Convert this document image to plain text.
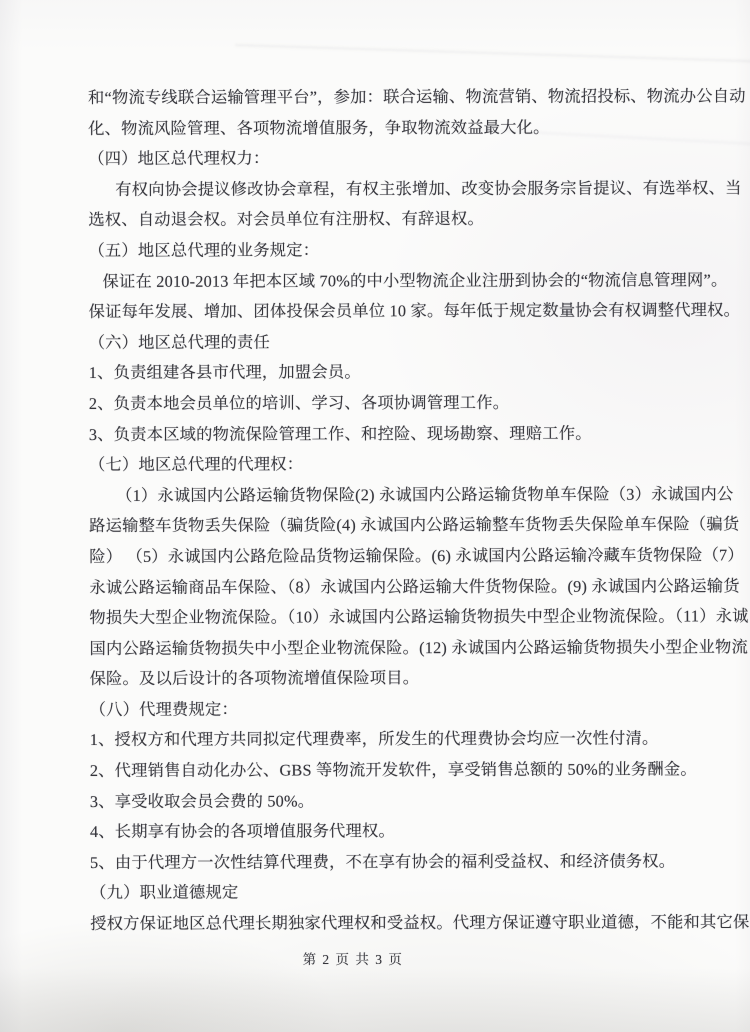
和“物流专线联合运输管理平台”，参加：联合运输、物流营销、物流招投标、物流办公自动
化、物流风险管理、各项物流增值服务，争取物流效益最大化。
（四）地区总代理权力：
有权向协会提议修改协会章程，有权主张增加、改变协会服务宗旨提议、有选举权、当
选权、自动退会权。对会员单位有注册权、有辞退权。
（五）地区总代理的业务规定：
保证在 2010-2013 年把本区域 70%的中小型物流企业注册到协会的“物流信息管理网”。
保证每年发展、增加、团体投保会员单位 10 家。每年低于规定数量协会有权调整代理权。
（六）地区总代理的责任
1、负责组建各县市代理，加盟会员。
2、负责本地会员单位的培训、学习、各项协调管理工作。
3、负责本区域的物流保险管理工作、和控险、现场勘察、理赔工作。
（七）地区总代理的代理权：
（1）永诚国内公路运输货物保险(2) 永诚国内公路运输货物单车保险（3）永诚国内公
路运输整车货物丢失保险（骗货险(4) 永诚国内公路运输整车货物丢失保险单车保险（骗货
险） （5）永诚国内公路危险品货物运输保险。(6) 永诚国内公路运输冷藏车货物保险（7）
永诚公路运输商品车保险、（8）永诚国内公路运输大件货物保险。(9) 永诚国内公路运输货
物损失大型企业物流保险。（10）永诚国内公路运输货物损失中型企业物流保险。（11）永诚
国内公路运输货物损失中小型企业物流保险。(12) 永诚国内公路运输货物损失小型企业物流
保险。及以后设计的各项物流增值保险项目。
（八）代理费规定：
1、授权方和代理方共同拟定代理费率，所发生的代理费协会均应一次性付清。
2、代理销售自动化办公、GBS 等物流开发软件，享受销售总额的 50%的业务酬金。
3、享受收取会员会费的 50%。
4、长期享有协会的各项增值服务代理权。
5、由于代理方一次性结算代理费，不在享有协会的福利受益权、和经济债务权。
（九）职业道德规定
授权方保证地区总代理长期独家代理权和受益权。代理方保证遵守职业道德，不能和其它保
第 2 页 共 3 页
